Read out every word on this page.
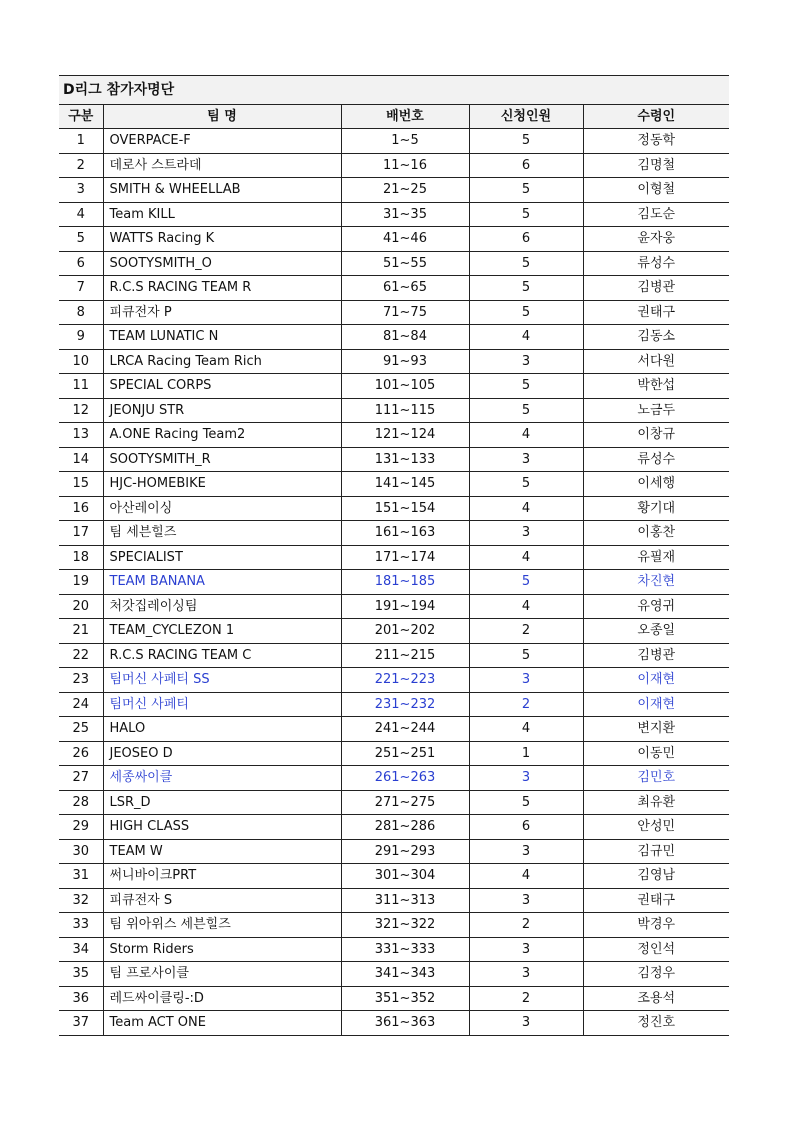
D리그 참가자명단				
구분	팀 명	배번호	신청인원	수령인
1	OVERPACE-F	1~5	5	정동학
2	데로사 스트라데	11~16	6	김명철
3	SMITH & WHEELLAB	21~25	5	이형철
4	Team KILL	31~35	5	김도순
5	WATTS Racing K	41~46	6	윤자웅
6	SOOTYSMITH_O	51~55	5	류성수
7	R.C.S RACING TEAM R	61~65	5	김병관
8	피큐전자 P	71~75	5	권태구
9	TEAM LUNATIC N	81~84	4	김동소
10	LRCA Racing Team Rich	91~93	3	서다원
11	SPECIAL CORPS	101~105	5	박한섭
12	JEONJU STR	111~115	5	노금두
13	A.ONE Racing Team2	121~124	4	이창규
14	SOOTYSMITH_R	131~133	3	류성수
15	HJC-HOMEBIKE	141~145	5	이세행
16	아산레이싱	151~154	4	황기대
17	팀 세븐힐즈	161~163	3	이홍찬
18	SPECIALIST	171~174	4	유필재
19	TEAM BANANA	181~185	5	차진현
20	처갓집레이싱팀	191~194	4	유영귀
21	TEAM_CYCLEZON 1	201~202	2	오종일
22	R.C.S RACING TEAM C	211~215	5	김병관
23	팀머신 사페티 SS	221~223	3	이재현
24	팀머신 사페티	231~232	2	이재현
25	HALO	241~244	4	변지환
26	JEOSEO D	251~251	1	이동민
27	세종싸이클	261~263	3	김민호
28	LSR_D	271~275	5	최유환
29	HIGH CLASS	281~286	6	안성민
30	TEAM W	291~293	3	김규민
31	써니바이크PRT	301~304	4	김영남
32	피큐전자 S	311~313	3	권태구
33	팀 위아위스 세븐힐즈	321~322	2	박경우
34	Storm Riders	331~333	3	정인석
35	팀 프로사이클	341~343	3	김정우
36	레드싸이클링-:D	351~352	2	조용석
37	Team ACT ONE	361~363	3	정진호
